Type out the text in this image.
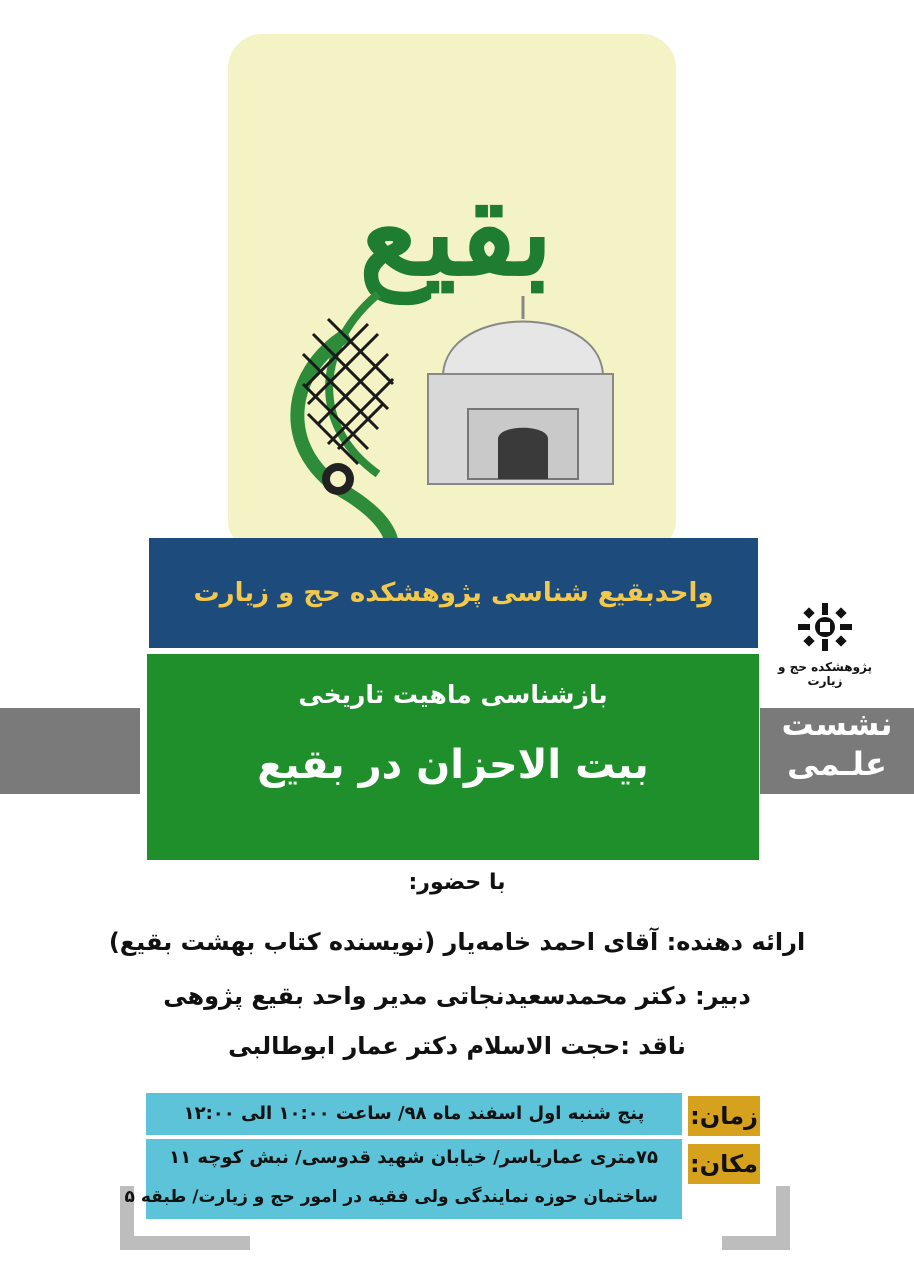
بقیع
واحدبقیع شناسی پژوهشکده حج و زیارت
نشست
علـمی
پژوهشکده حج و زیارت
بازشناسی ماهیت تاریخی
بیت الاحزان در بقیع
با حضور:
ارائه دهنده: آقای احمد خامه‌یار (نویسنده کتاب بهشت بقیع)
دبیر: دکتر محمدسعیدنجاتی مدیر واحد بقیع پژوهی
ناقد :حجت الاسلام دکتر عمار ابوطالبی
زمان:
پنج شنبه اول اسفند ماه ۹۸/ ساعت ۱۰:۰۰ الی ۱۲:۰۰
مکان:
۷۵متری عماریاسر/ خیابان شهید قدوسی/ نبش کوچه ۱۱
ساختمان حوزه نمایندگی ولی فقیه در امور حج و زیارت/ طبقه ۵
